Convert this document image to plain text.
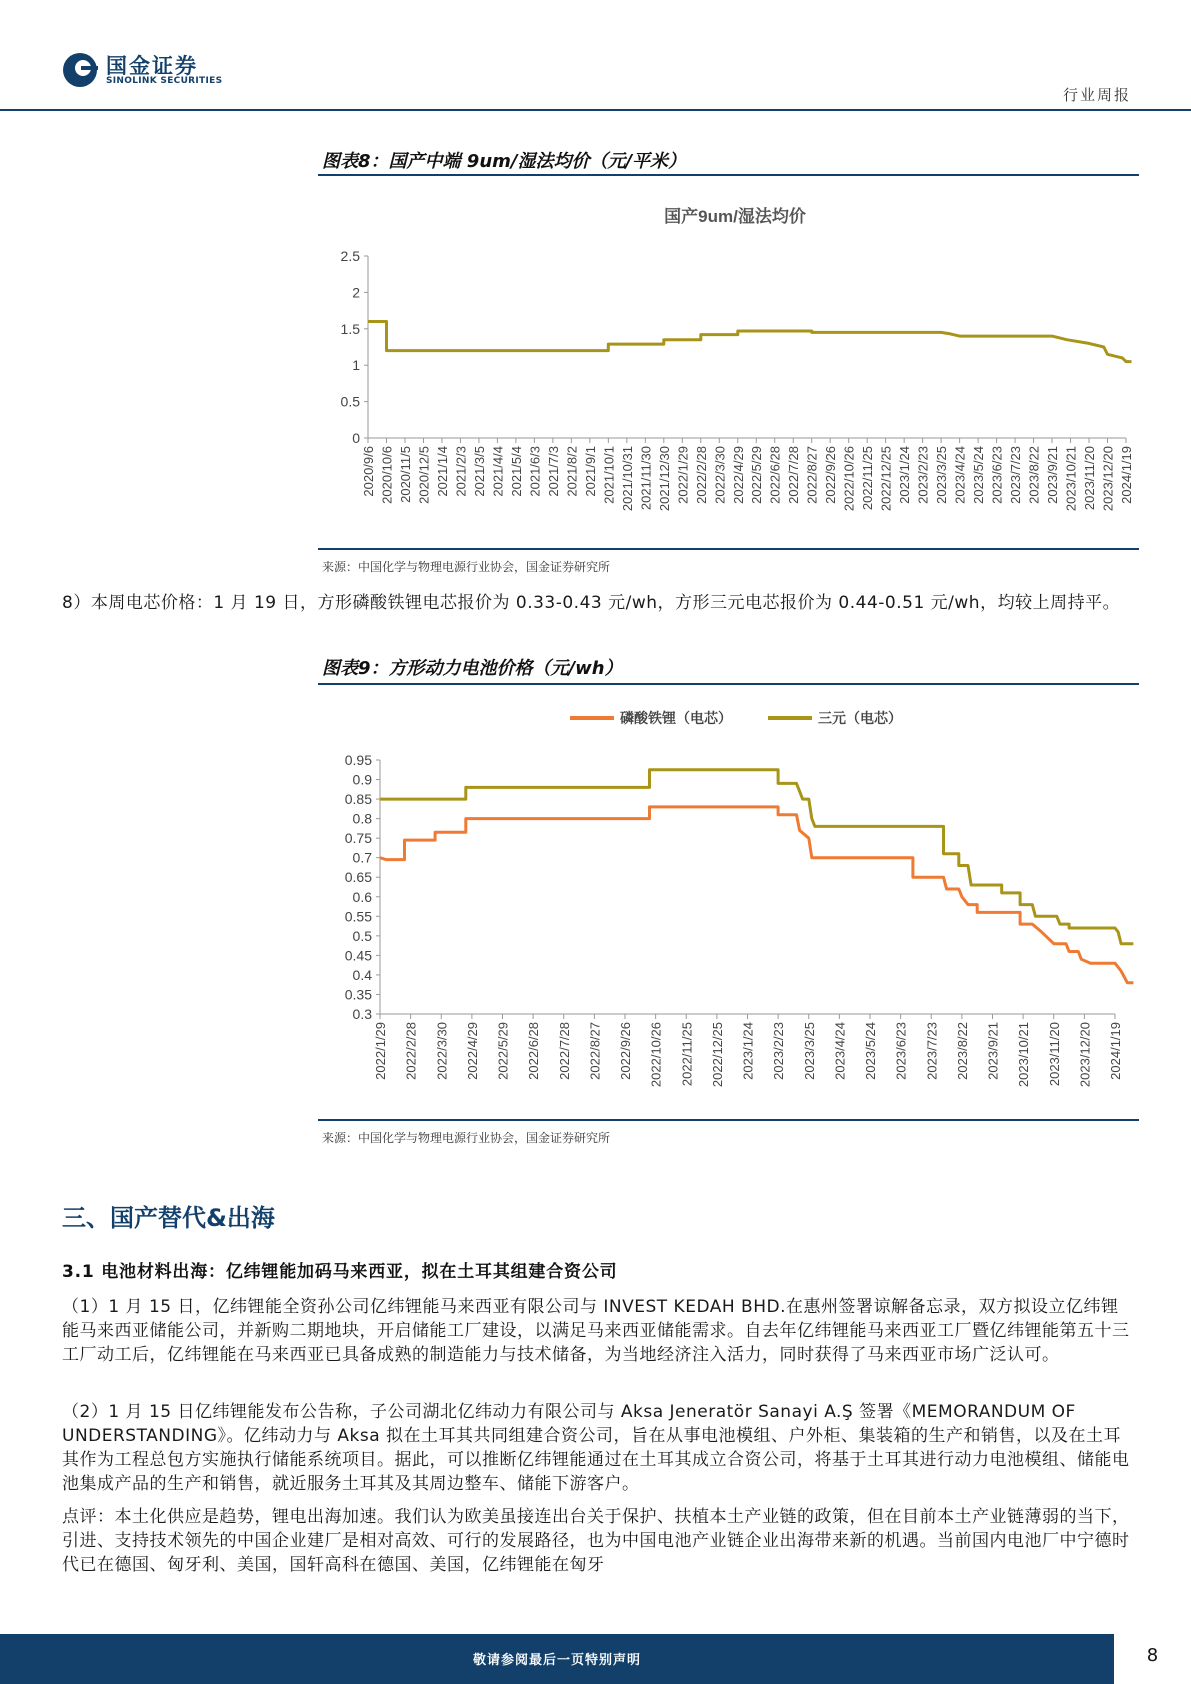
国金证券
SINOLINK SECURITIES
行业周报
图表8：国产中端 9um/湿法均价（元/平米）
国产9um/湿法均价
0
0.5
1
1.5
2
2.5
2020/9/6 2020/10/6 2020/11/5 2020/12/5 2021/1/4 2021/2/3 2021/3/5 2021/4/4 2021/5/4 2021/6/3 2021/7/3 2021/8/2 2021/9/1 2021/10/1 2021/10/31 2021/11/30 2021/12/30 2022/1/29 2022/2/28 2022/3/30 2022/4/29 2022/5/29 2022/6/28 2022/7/28 2022/8/27 2022/9/26 2022/10/26 2022/11/25 2022/12/25 2023/1/24 2023/2/23 2023/3/25 2023/4/24 2023/5/24 2023/6/23 2023/7/23 2023/8/22 2023/9/21 2023/10/21 2023/11/20 2023/12/20 2024/1/19
来源：中国化学与物理电源行业协会，国金证券研究所
8）本周电芯价格：1 月 19 日，方形磷酸铁锂电芯报价为 0.33-0.43 元/wh，方形三元电芯报价为 0.44-0.51 元/wh，均较上周持平。
图表9：方形动力电池价格（元/wh）
0.3
0.35
0.4
0.45
0.5
0.55
0.6
0.65
0.7
0.75
0.8
0.85
0.9
0.95
2022/1/29 2022/2/28 2022/3/30 2022/4/29 2022/5/29 2022/6/28 2022/7/28 2022/8/27 2022/9/26 2022/10/26 2022/11/25 2022/12/25 2023/1/24 2023/2/23 2023/3/25 2023/4/24 2023/5/24 2023/6/23 2023/7/23 2023/8/22 2023/9/21 2023/10/21 2023/11/20 2023/12/20 2024/1/19
磷酸铁锂（电芯）	三元（电芯）
来源：中国化学与物理电源行业协会，国金证券研究所
三、国产替代&出海
3.1 电池材料出海：亿纬锂能加码马来西亚，拟在土耳其组建合资公司
（1）1 月 15 日，亿纬锂能全资孙公司亿纬锂能马来西亚有限公司与 INVEST KEDAH BHD.在惠州签署谅解备忘录，双方拟设立亿纬锂能马来西亚储能公司，并新购二期地块，开启储能工厂建设，以满足马来西亚储能需求。自去年亿纬锂能马来西亚工厂暨亿纬锂能第五十三工厂动工后，亿纬锂能在马来西亚已具备成熟的制造能力与技术储备，为当地经济注入活力，同时获得了马来西亚市场广泛认可。
（2）1 月 15 日亿纬锂能发布公告称，子公司湖北亿纬动力有限公司与 Aksa Jeneratör Sanayi A.Ş 签署《MEMORANDUM OF UNDERSTANDING》。亿纬动力与 Aksa 拟在土耳其共同组建合资公司，旨在从事电池模组、户外柜、集装箱的生产和销售，以及在土耳其作为工程总包方实施执行储能系统项目。据此，可以推断亿纬锂能通过在土耳其成立合资公司，将基于土耳其进行动力电池模组、储能电池集成产品的生产和销售，就近服务土耳其及其周边整车、储能下游客户。
点评：本土化供应是趋势，锂电出海加速。我们认为欧美虽接连出台关于保护、扶植本土产业链的政策，但在目前本土产业链薄弱的当下，引进、支持技术领先的中国企业建厂是相对高效、可行的发展路径，也为中国电池产业链企业出海带来新的机遇。当前国内电池厂中宁德时代已在德国、匈牙利、美国，国轩高科在德国、美国，亿纬锂能在匈牙
敬请参阅最后一页特别声明	8
